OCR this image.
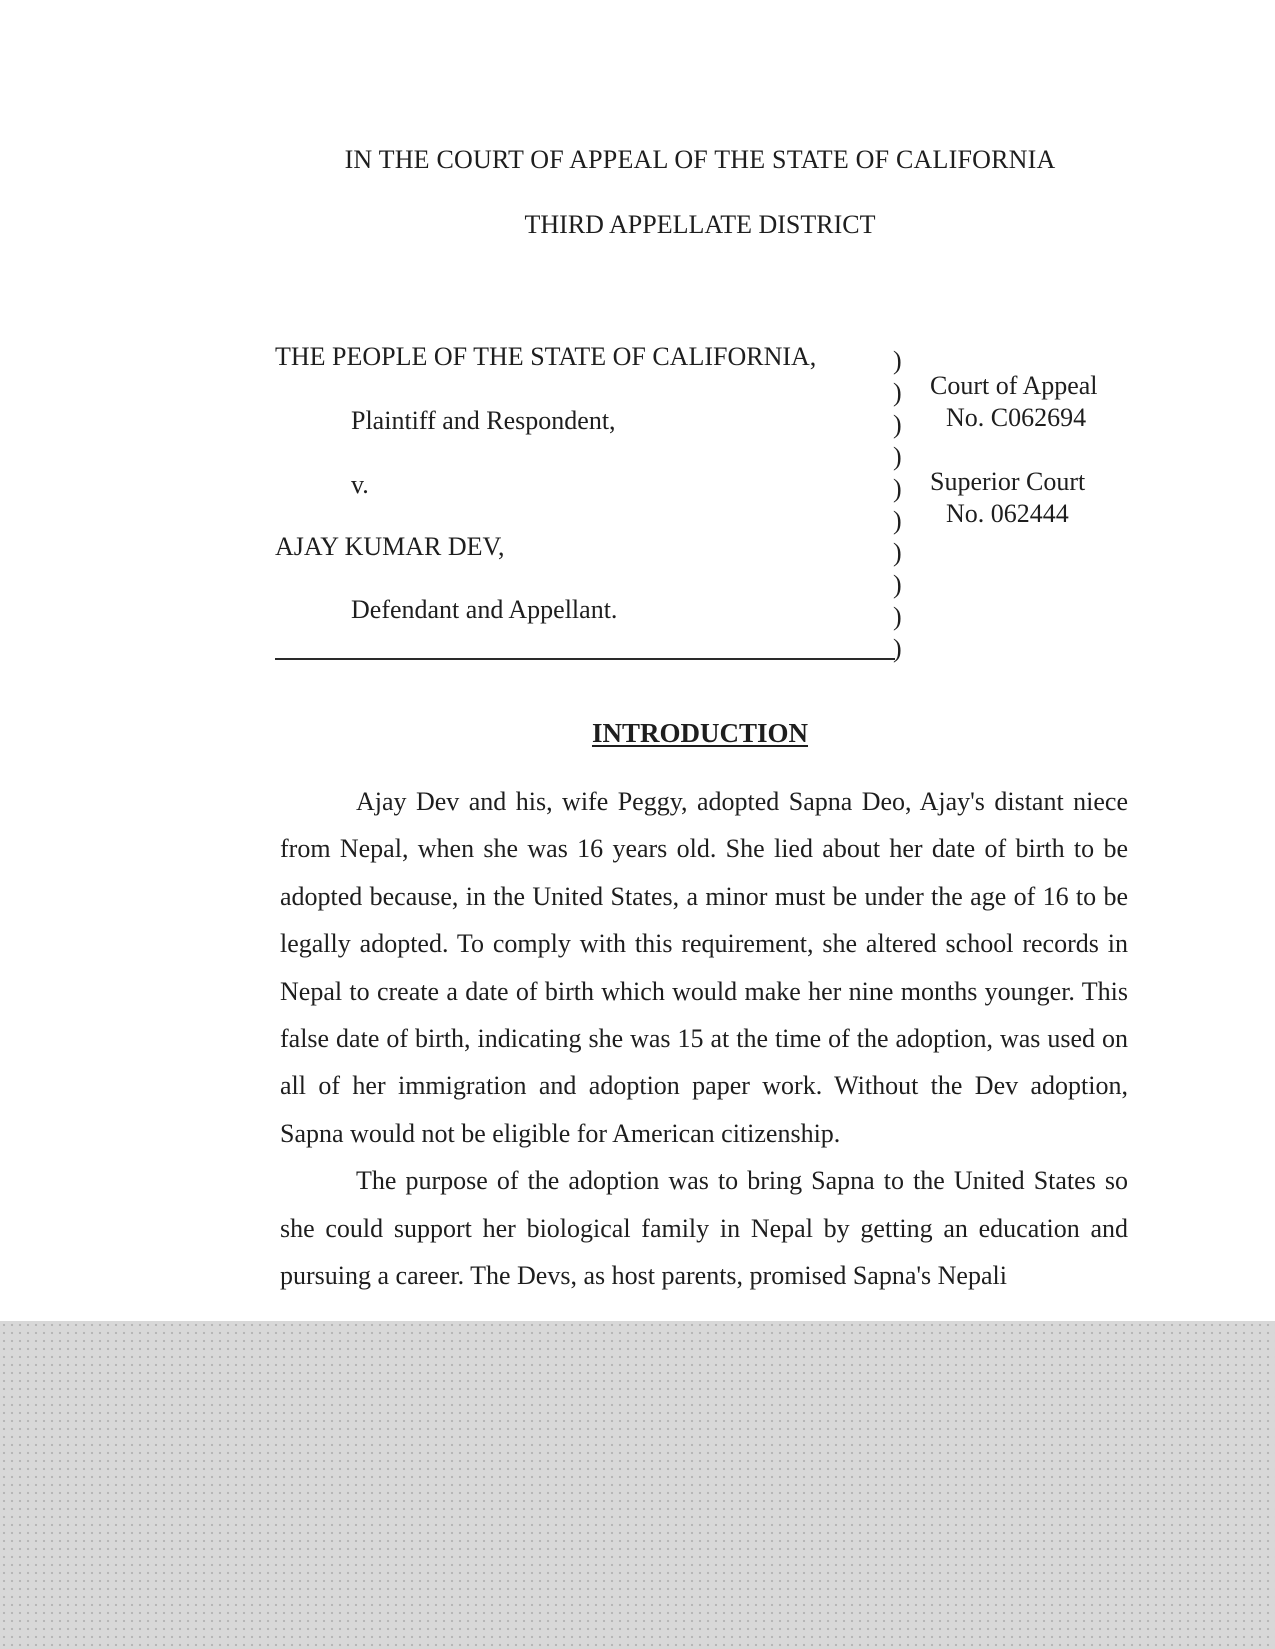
IN THE COURT OF APPEAL OF THE STATE OF CALIFORNIA
THIRD APPELLATE DISTRICT
THE PEOPLE OF THE STATE OF CALIFORNIA,
Plaintiff and Respondent,
v.
AJAY KUMAR DEV,
Defendant and Appellant.
)
)
)
)
)
)
)
)
)
)
Court of Appeal
No. C062694
Superior Court
No. 062444
INTRODUCTION

Ajay Dev and his, wife Peggy, adopted Sapna Deo, Ajay's distant niece from Nepal, when she was 16 years old. She lied about her date of birth to be adopted because, in the United States, a minor must be under the age of 16 to be legally adopted. To comply with this requirement, she altered school records in Nepal to create a date of birth which would make her nine months younger. This false date of birth, indicating she was 15 at the time of the adoption, was used on all of her immigration and adoption paper work. Without the Dev adoption, Sapna would not be eligible for American citizenship.

The purpose of the adoption was to bring Sapna to the United States so she could support her biological family in Nepal by getting an education and pursuing a career. The Devs, as host parents, promised Sapna's Nepali
